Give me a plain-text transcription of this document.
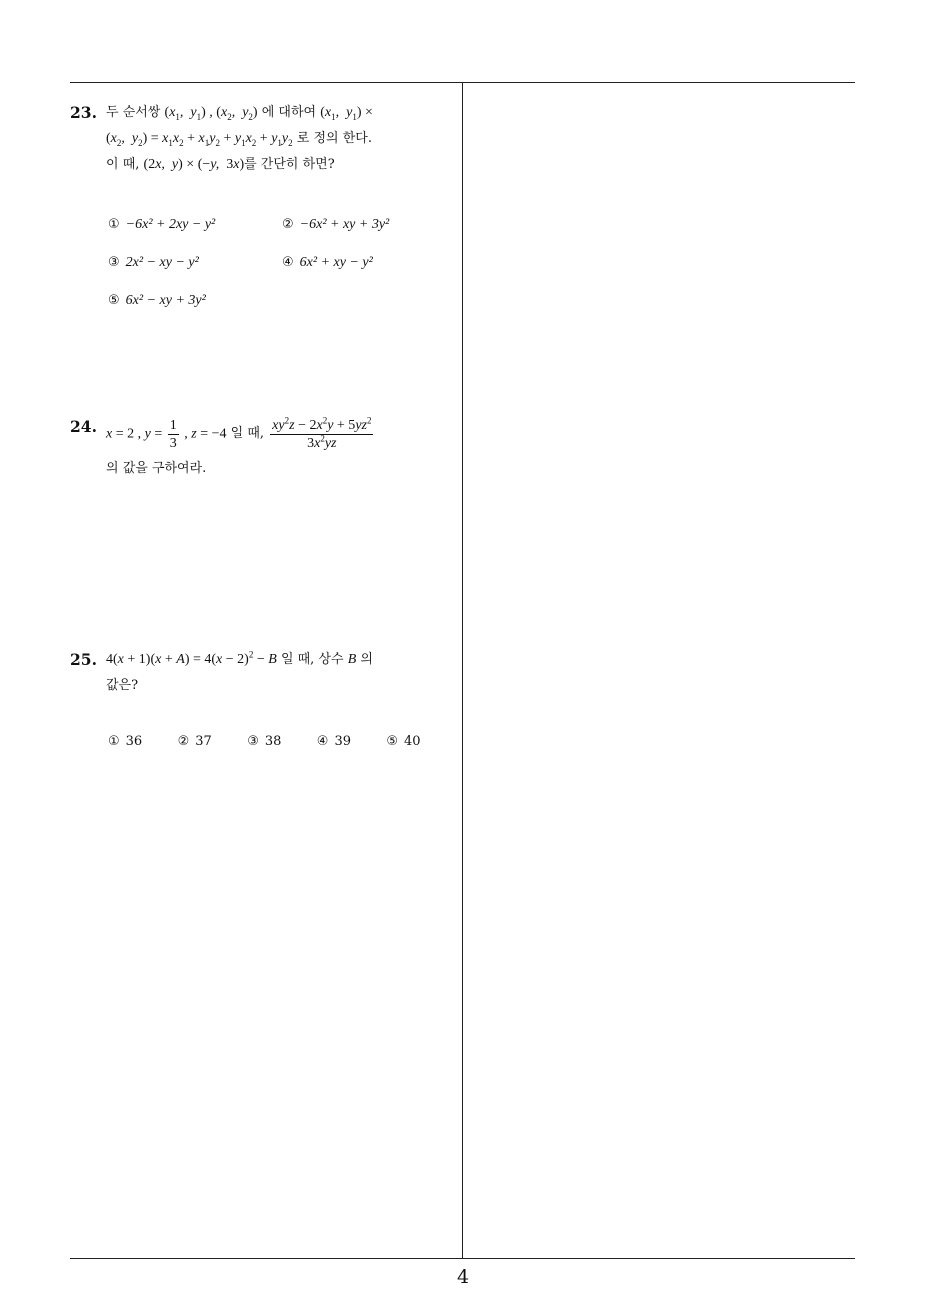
23. 두 순서쌍 ($x_1$,  $y_1$) , ($x_2$,  $y_2$) 에 대하여 ($x_1$,  $y_1$) ×
($x_2$,  $y_2) = x_1x_2 + x_1y_2 + y_1x_2 + y_1y_2$ 로 정의 한다.
이 때, (2x,  y) × (−y,  3x)를 간단히 하면?
① −6x² + 2xy − y²	② −6x² + xy + 3y²
③ 2x² − xy − y²	④ 6x² + xy − y²
⑤ 6x² − xy + 3y²
24. x = 2 , $y = \frac{1}{3}$ , z = −4
일 때,
$\frac{xy^2z - 2x^2y + 5yz^2}{3x^2yz}$
의 값을 구하여라.
25. $4(x + 1)(x + A) = 4(x - 2)^2 - B$ 일 때, 상수 B 의
값은?
① 36	② 37	③ 38	④ 39	⑤ 40
4
